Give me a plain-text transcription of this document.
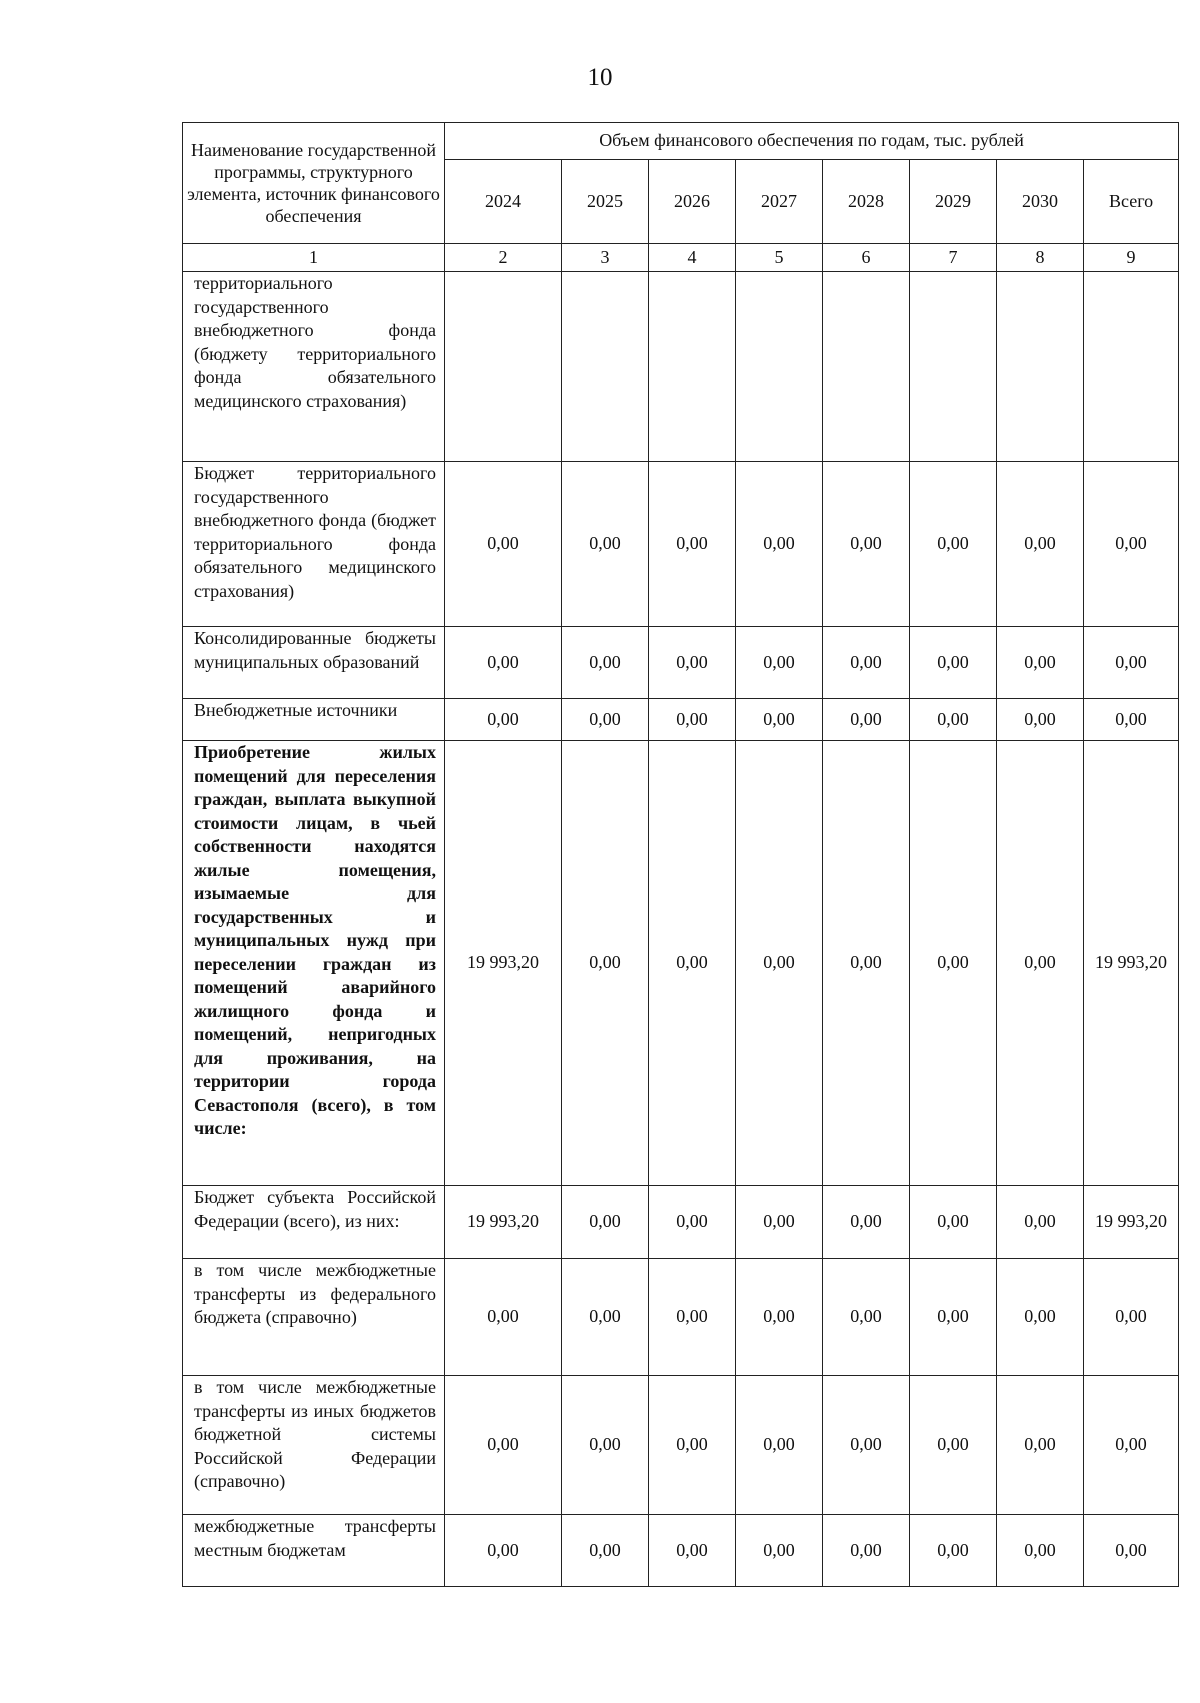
10
Наименование государственной программы, структурного элемента, источник финансового обеспечения	Объем финансового обеспечения по годам, тыс. рублей							
	2024	2025	2026	2027	2028	2029	2030	Всего
1	2	3	4	5	6	7	8	9
территориального государственного внебюджетного фонда (бюджету территориального фонда обязательного медицинского страхования)								
Бюджет территориального государственного внебюджетного фонда (бюджет территориального фонда обязательного медицинского страхования)	0,00	0,00	0,00	0,00	0,00	0,00	0,00	0,00
Консолидированные бюджеты муниципальных образований	0,00	0,00	0,00	0,00	0,00	0,00	0,00	0,00
Внебюджетные источники	0,00	0,00	0,00	0,00	0,00	0,00	0,00	0,00
Приобретение жилых помещений для переселения граждан, выплата выкупной стоимости лицам, в чьей собственности находятся жилые помещения, изымаемые для государственных и муниципальных нужд при переселении граждан из помещений аварийного жилищного фонда и помещений, непригодных для проживания, на территории города Севастополя (всего), в том числе:	19 993,20	0,00	0,00	0,00	0,00	0,00	0,00	19 993,20
Бюджет субъекта Российской Федерации (всего), из них:	19 993,20	0,00	0,00	0,00	0,00	0,00	0,00	19 993,20
в том числе межбюджетные трансферты из федерального бюджета (справочно)	0,00	0,00	0,00	0,00	0,00	0,00	0,00	0,00
в том числе межбюджетные трансферты из иных бюджетов бюджетной системы Российской Федерации (справочно)	0,00	0,00	0,00	0,00	0,00	0,00	0,00	0,00
межбюджетные трансферты местным бюджетам	0,00	0,00	0,00	0,00	0,00	0,00	0,00	0,00
